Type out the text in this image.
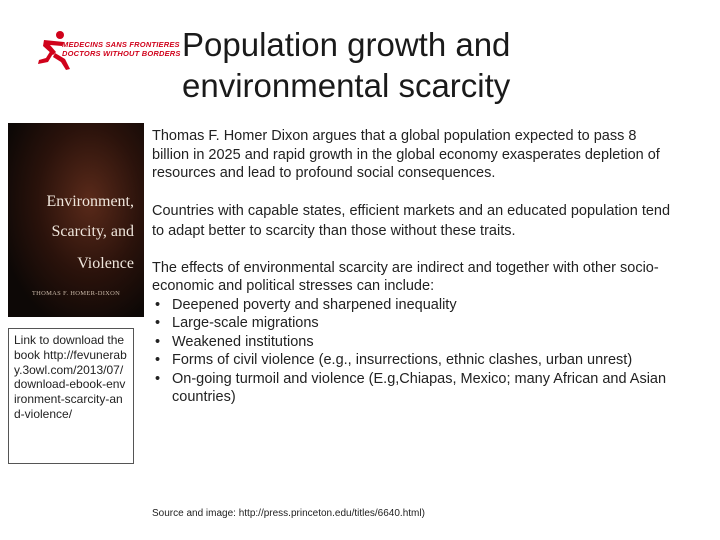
MEDECINS SANS FRONTIERES
DOCTORS WITHOUT BORDERS Population growth and
environmental scarcity
Environment,
Scarcity, and
Violence
THOMAS F. HOMER-DIXON
Link to download the book http://fevuneraby.3owl.com/2013/07/download-ebook-environment-scarcity-and-violence/

Thomas F. Homer Dixon argues that a global population expected to pass 8 billion in 2025 and rapid growth in the global economy exasperates depletion of resources and lead to profound social consequences.

Countries with capable states, efficient markets and an educated population tend to adapt better to scarcity than those without these traits.

The effects of environmental scarcity are indirect and together with other socio-economic and political stresses can include:

• Deepened poverty and sharpened inequality
• Large-scale migrations
• Weakened institutions
• Forms of civil violence (e.g., insurrections, ethnic clashes, urban unrest)
• On-going turmoil and violence (E.g,Chiapas, Mexico; many African and Asian countries)
Source and image: http://press.princeton.edu/titles/6640.html)
